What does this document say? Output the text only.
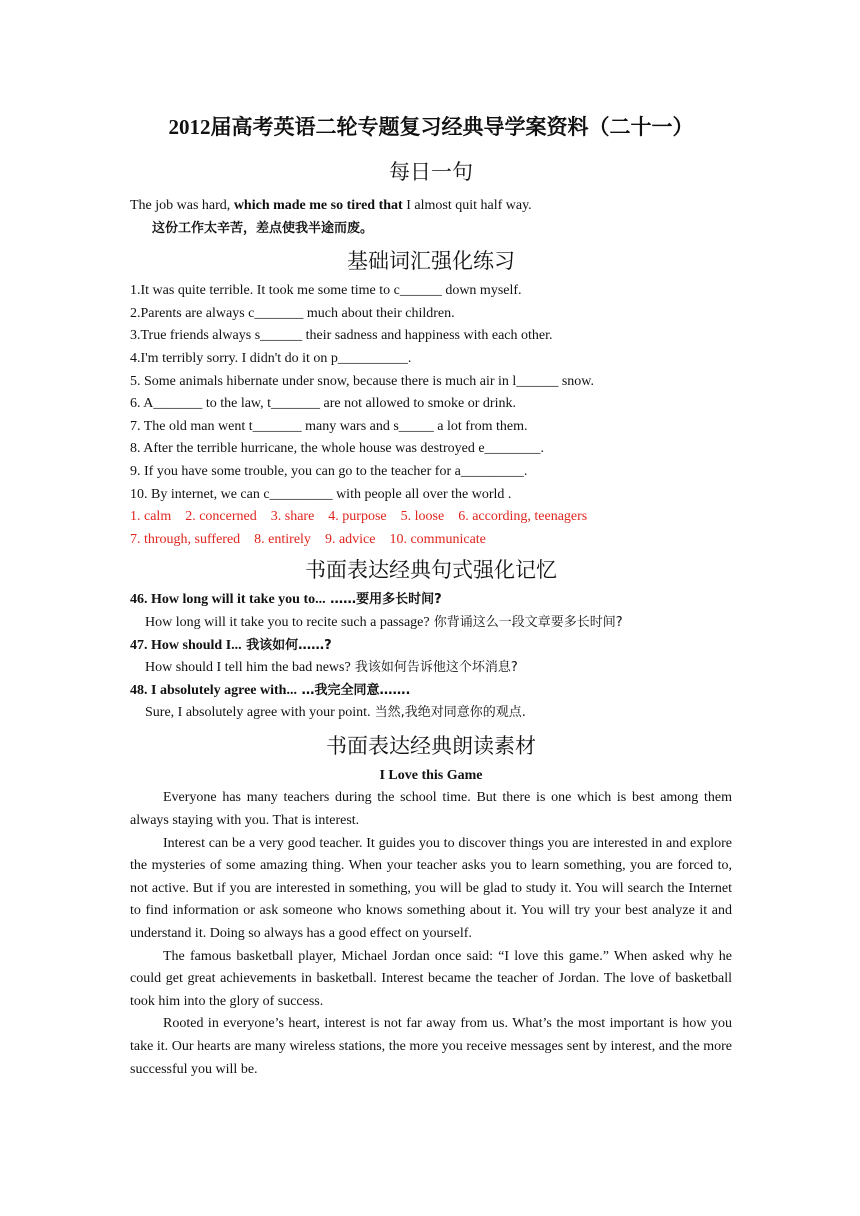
2012届高考英语二轮专题复习经典导学案资料（二十一）
每日一句

The job was hard, which made me so tired that I almost quit half way.

这份工作太辛苦，差点使我半途而废。

基础词汇强化练习

1.It was quite terrible. It took me some time to c______ down myself.

2.Parents are always c_______ much about their children.

3.True friends always s______ their sadness and happiness with each other.

4.I'm terribly sorry. I didn't do it on p__________.

5. Some animals hibernate under snow, because there is much air in l______ snow.

6. A_______ to the law, t_______ are not allowed to smoke or drink.

7. The old man went t_______ many wars and s_____ a lot from them.

8. After the terrible hurricane, the whole house was destroyed e________.

9. If you have some trouble, you can go to the teacher for a_________.

10. By internet, we can c_________ with people all over the world .

1. calm 2. concerned 3. share 4. purpose 5. loose 6. according, teenagers

7. through, suffered 8. entirely 9. advice 10. communicate

书面表达经典句式强化记忆

46. How long will it take you to... ……要用多长时间?

How long will it take you to recite such a passage? 你背诵这么一段文章要多长时间?

47. How should I... 我该如何……?

How should I tell him the bad news? 我该如何告诉他这个坏消息?

48. I absolutely agree with... …我完全同意…….

Sure, I absolutely agree with your point. 当然,我绝对同意你的观点.

书面表达经典朗读素材

I Love this Game

Everyone has many teachers during the school time. But there is one which is best among them always staying with you. That is interest.

Interest can be a very good teacher. It guides you to discover things you are interested in and explore the mysteries of some amazing thing. When your teacher asks you to learn something, you are forced to, not active. But if you are interested in something, you will be glad to study it. You will search the Internet to find information or ask someone who knows something about it. You will try your best analyze it and understand it. Doing so always has a good effect on yourself.

The famous basketball player, Michael Jordan once said: “I love this game.” When asked why he could get great achievements in basketball. Interest became the teacher of Jordan. The love of basketball took him into the glory of success.

Rooted in everyone’s heart, interest is not far away from us. What’s the most important is how you take it. Our hearts are many wireless stations, the more you receive messages sent by interest, and the more successful you will be.
